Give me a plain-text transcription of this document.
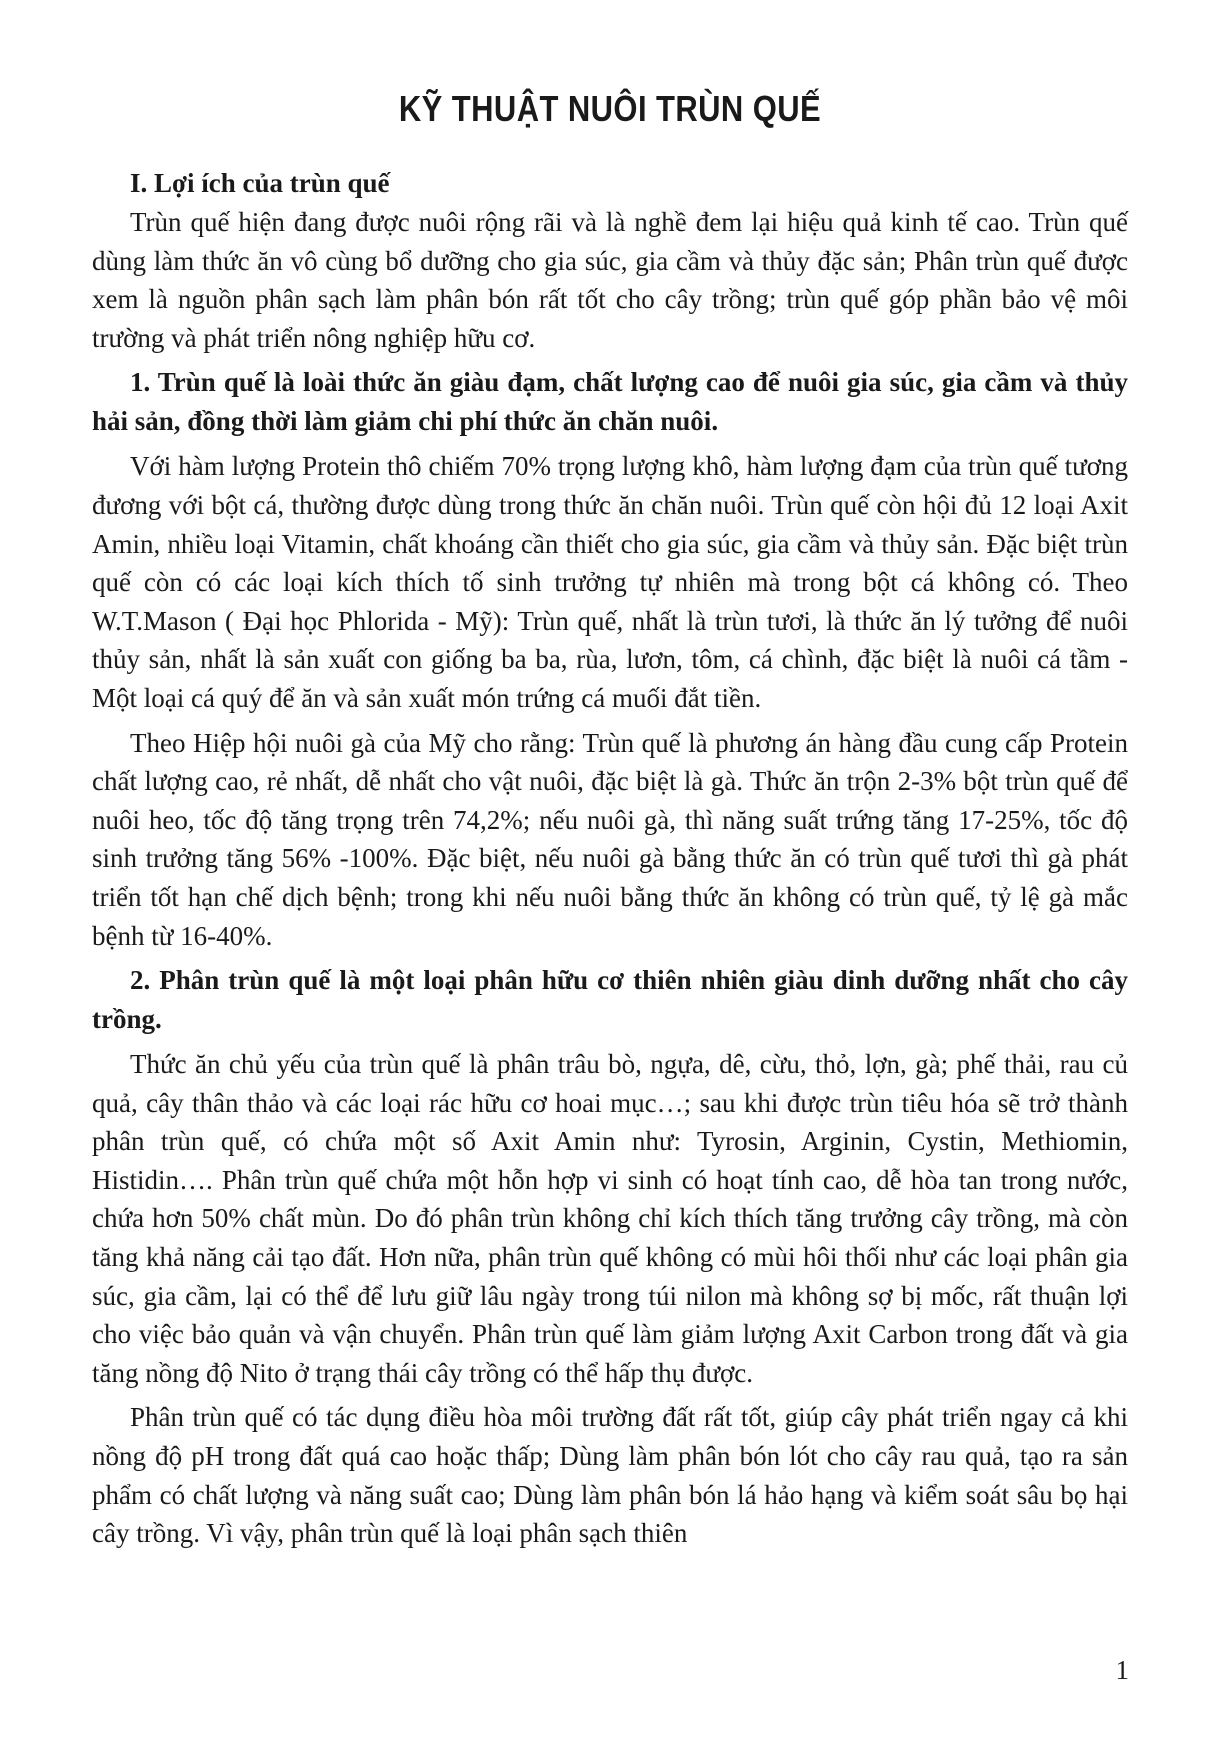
KỸ THUẬT NUÔI TRÙN QUẾ
I. Lợi ích của trùn quế

Trùn quế hiện đang được nuôi rộng rãi và là nghề đem lại hiệu quả kinh tế cao. Trùn quế dùng làm thức ăn vô cùng bổ dưỡng cho gia súc, gia cầm và thủy đặc sản; Phân trùn quế được xem là nguồn phân sạch làm phân bón rất tốt cho cây trồng; trùn quế góp phần bảo vệ môi trường và phát triển nông nghiệp hữu cơ.

1. Trùn quế là loài thức ăn giàu đạm, chất lượng cao để nuôi gia súc, gia cầm và thủy hải sản, đồng thời làm giảm chi phí thức ăn chăn nuôi.

Với hàm lượng Protein thô chiếm 70% trọng lượng khô, hàm lượng đạm của trùn quế tương đương với bột cá, thường được dùng trong thức ăn chăn nuôi. Trùn quế còn hội đủ 12 loại Axit Amin, nhiều loại Vitamin, chất khoáng cần thiết cho gia súc, gia cầm và thủy sản. Đặc biệt trùn quế còn có các loại kích thích tố sinh trưởng tự nhiên mà trong bột cá không có. Theo W.T.Mason ( Đại học Phlorida - Mỹ): Trùn quế, nhất là trùn tươi, là thức ăn lý tưởng để nuôi thủy sản, nhất là sản xuất con giống ba ba, rùa, lươn, tôm, cá chình, đặc biệt là nuôi cá tầm - Một loại cá quý để ăn và sản xuất món trứng cá muối đắt tiền.

Theo Hiệp hội nuôi gà của Mỹ cho rằng: Trùn quế là phương án hàng đầu cung cấp Protein chất lượng cao, rẻ nhất, dễ nhất cho vật nuôi, đặc biệt là gà. Thức ăn trộn 2-3% bột trùn quế để nuôi heo, tốc độ tăng trọng trên 74,2%; nếu nuôi gà, thì năng suất trứng tăng 17-25%, tốc độ sinh trưởng tăng 56% -100%. Đặc biệt, nếu nuôi gà bằng thức ăn có trùn quế tươi thì gà phát triển tốt hạn chế dịch bệnh; trong khi nếu nuôi bằng thức ăn không có trùn quế, tỷ lệ gà mắc bệnh từ 16-40%.

2. Phân trùn quế là một loại phân hữu cơ thiên nhiên giàu dinh dưỡng nhất cho cây trồng.

Thức ăn chủ yếu của trùn quế là phân trâu bò, ngựa, dê, cừu, thỏ, lợn, gà; phế thải, rau củ quả, cây thân thảo và các loại rác hữu cơ hoai mục…; sau khi được trùn tiêu hóa sẽ trở thành phân trùn quế, có chứa một số Axit Amin như: Tyrosin, Arginin, Cystin, Methiomin, Histidin…. Phân trùn quế chứa một hỗn hợp vi sinh có hoạt tính cao, dễ hòa tan trong nước, chứa hơn 50% chất mùn. Do đó phân trùn không chỉ kích thích tăng trưởng cây trồng, mà còn tăng khả năng cải tạo đất. Hơn nữa, phân trùn quế không có mùi hôi thối như các loại phân gia súc, gia cầm, lại có thể để lưu giữ lâu ngày trong túi nilon mà không sợ bị mốc, rất thuận lợi cho việc bảo quản và vận chuyển. Phân trùn quế làm giảm lượng Axit Carbon trong đất và gia tăng nồng độ Nito ở trạng thái cây trồng có thể hấp thụ được.

Phân trùn quế có tác dụng điều hòa môi trường đất rất tốt, giúp cây phát triển ngay cả khi nồng độ pH trong đất quá cao hoặc thấp; Dùng làm phân bón lót cho cây rau quả, tạo ra sản phẩm có chất lượng và năng suất cao; Dùng làm phân bón lá hảo hạng và kiểm soát sâu bọ hại cây trồng. Vì vậy, phân trùn quế là loại phân sạch thiên

1
